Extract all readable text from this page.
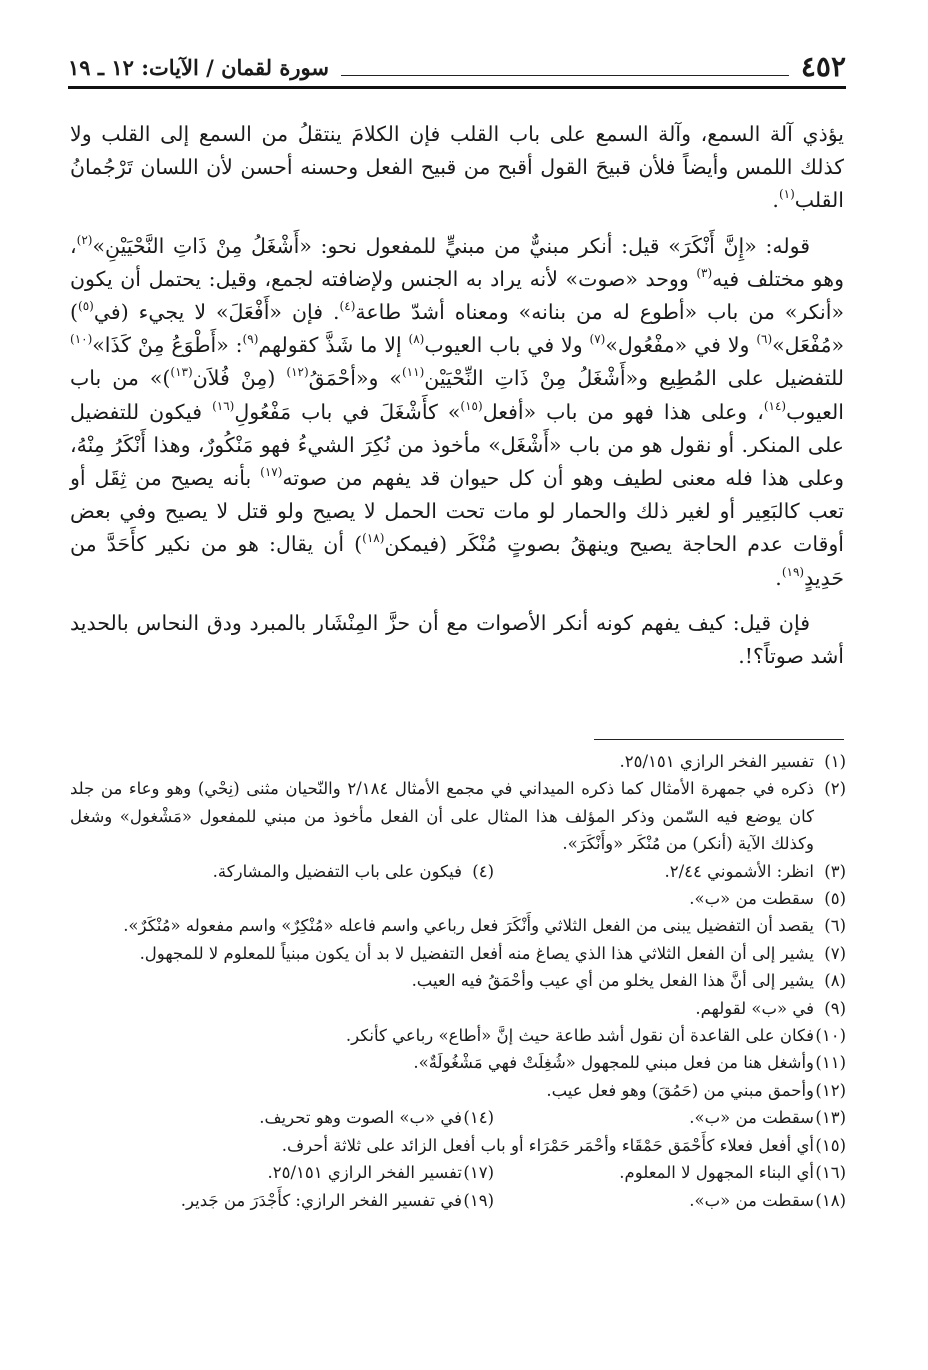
٤٥٢
سورة لقمان / الآيات: ١٢ ـ ١٩

يؤذي آلة السمع، وآلة السمع على باب القلب فإن الكلامَ ينتقلُ من السمع إلى القلب ولا كذلك اللمس وأيضاً فلأن قبيحَ القول أقبح من قبيح الفعل وحسنه أحسن لأن اللسان تَرْجُمانُ القلب$^{(١)}$.

قوله: «إِنَّ أَنْكَرَ» قيل: أنكر مبنيٌّ من مبنيٍّ للمفعول نحو: «أَشْغَلُ مِنْ ذَاتِ النَّحْيَيْنِ»$^{(٢)}$، وهو مختلف فيه$^{(٣)}$ ووحد «صوت» لأنه يراد به الجنس ولإضافته لجمع، وقيل: يحتمل أن يكون «أنكر» من باب «أطوع له من بنانه» ومعناه أشدّ طاعة$^{(٤)}$. فإن «أَفْعَلَ» لا يجيء (في$^{(٥)}$) «مُفْعَل»$^{(٦)}$ ولا في «مفْعُول»$^{(٧)}$ ولا في باب العيوب$^{(٨)}$ إلا ما شَذَّ كقولهم$^{(٩)}$: «أَطْوَعُ مِنْ كَذَا»$^{(١٠)}$ للتفضيل على المُطِيع و«أَشْغَلُ مِنْ ذَاتِ النِّحْيَيْن$^{(١١)}$» و«أحْمَقُ$^{(١٢)}$ (مِنْ فُلاَن$^{(١٣)}$)» من باب العيوب$^{(١٤)}$، وعلى هذا فهو من باب «أفعل$^{(١٥)}$» كأَشْغَلَ في باب مَفْعُولِ$^{(١٦)}$ فيكون للتفضيل على المنكر. أو نقول هو من باب «أَشْغَل» مأخوذ من نُكِرَ الشيءُ فهو مَنْكُورٌ، وهذا أَنْكَرُ مِنْهُ، وعلى هذا فله معنى لطيف وهو أن كل حيوان قد يفهم من صوته$^{(١٧)}$ بأنه يصيح من ثِقَل أو تعب كالبَعِير أو لغير ذلك والحمار لو مات تحت الحمل لا يصيح ولو قتل لا يصيح وفي بعض أوقات عدم الحاجة يصيح وينهقُ بصوتٍ مُنْكَر (فيمكن$^{(١٨)}$) أن يقال: هو من نكير كأَحَدَّ من حَدِيدٍ$^{(١٩)}$.

فإن قيل: كيف يفهم كونه أنكر الأصوات مع أن حزَّ المِنْشَار بالمبرد ودق النحاس بالحديد أشد صوتاً؟!.

(١)
تفسير الفخر الرازي ٢٥/١٥١.
(٢)
ذكره في جمهرة الأمثال كما ذكره الميداني في مجمع الأمثال ٢/١٨٤ والنّحيان مثنى (نِحْي) وهو وعاء من جلد كان يوضع فيه السّمن وذكر المؤلف هذا المثال على أن الفعل مأخوذ من مبني للمفعول «مَشْغول» وشغل وكذلك الآية (أنكر) من مُنْكَر «وأَنْكَرَ».
(٣)
انظر: الأشموني ٢/٤٤.
(٤)
فيكون على باب التفضيل والمشاركة.
(٥)
سقطت من «ب».
(٦)
يقصد أن التفضيل يبنى من الفعل الثلاثي وأَنْكَرَ فعل رباعي واسم فاعله «مُنْكِرٌ» واسم مفعوله «مُنْكَرٌ».
(٧)
يشير إلى أن الفعل الثلاثي هذا الذي يصاغ منه أفعل التفضيل لا بد أن يكون مبنياً للمعلوم لا للمجهول.
(٨)
يشير إلى أنَّ هذا الفعل يخلو من أي عيب وأحْمَقُ فيه العيب.
(٩)
في «ب» لقولهم.
(١٠)
فكان على القاعدة أن نقول أشد طاعة حيث إنَّ «أطاع» رباعي كأنكر.
(١١)
وأشغل هنا من فعل مبني للمجهول «شُغِلَتْ فهي مَشْغُولَةٌ».
(١٢)
وأحمق مبني من (حَمُقَ) وهو فعل عيب.
(١٣)
سقطت من «ب».
(١٤)
في «ب» الصوت وهو تحريف.
(١٥)
أي أفعل فعلاء كأَحْمَق حَمْقَاء وأحْمَر حَمْرَاء أو باب أفعل الزائد على ثلاثة أحرف.
(١٦)
أي البناء المجهول لا المعلوم.
(١٧)
تفسير الفخر الرازي ٢٥/١٥١.
(١٨)
سقطت من «ب».
(١٩)
في تفسير الفخر الرازي: كأَجْدَرَ من جَدير.
